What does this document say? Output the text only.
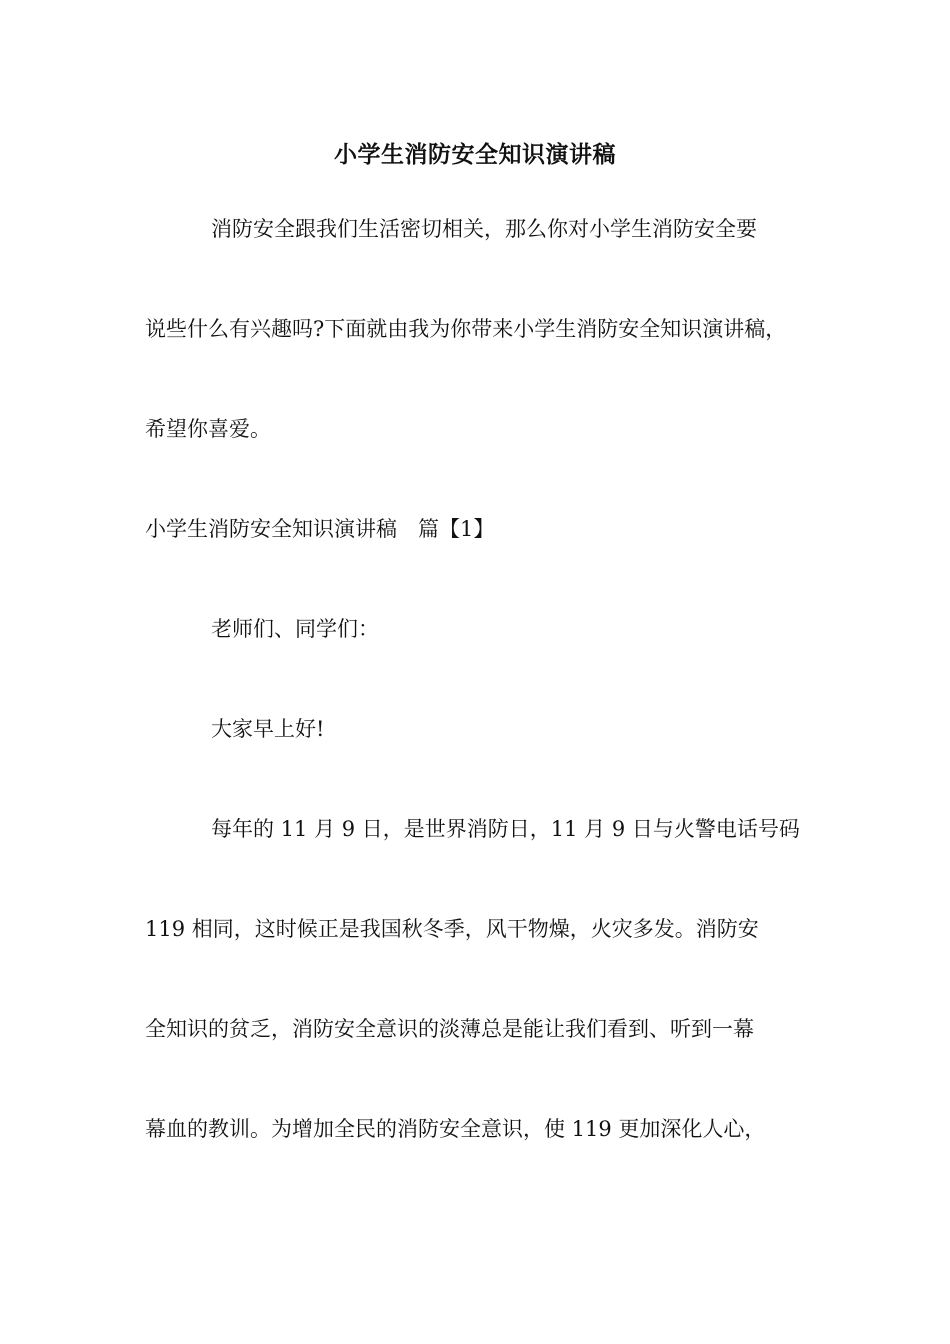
小学生消防安全知识演讲稿
消防安全跟我们生活密切相关，那么你对小学生消防安全要
说些什么有兴趣吗?下面就由我为你带来小学生消防安全知识演讲稿，
希望你喜爱。
小学生消防安全知识演讲稿　篇【1】
老师们、同学们：
大家早上好!
每年的 11 月 9 日，是世界消防日，11 月 9 日与火警电话号码
119 相同，这时候正是我国秋冬季，风干物燥，火灾多发。消防安
全知识的贫乏，消防安全意识的淡薄总是能让我们看到、听到一幕
幕血的教训。为增加全民的消防安全意识，使 119 更加深化人心，
